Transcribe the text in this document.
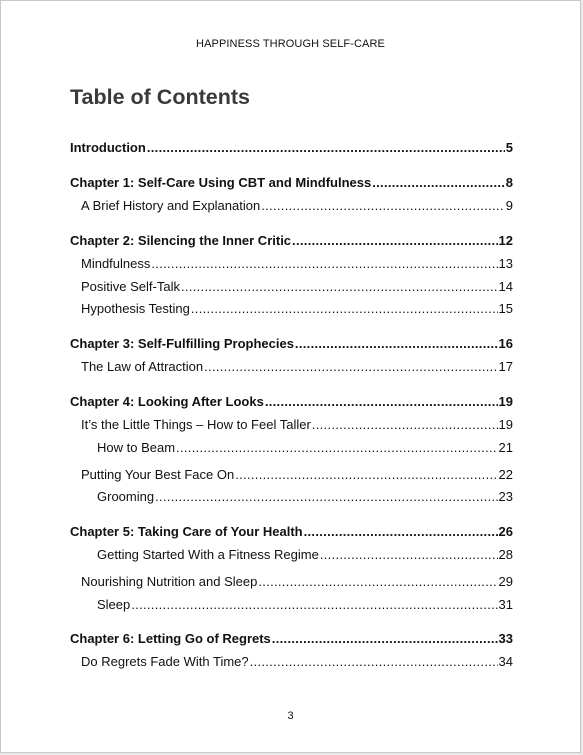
HAPPINESS THROUGH SELF-CARE
Table of Contents
Introduction .....	5
Chapter 1: Self-Care Using CBT and Mindfulness .....	8
A Brief History and Explanation .....	9
Chapter 2: Silencing the Inner Critic .....	12
Mindfulness .....	13
Positive Self-Talk .....	14
Hypothesis Testing .....	15
Chapter 3: Self-Fulfilling Prophecies .....	16
The Law of Attraction .....	17
Chapter 4: Looking After Looks .....	19
It’s the Little Things – How to Feel Taller .....	19
How to Beam .....	21
Putting Your Best Face On .....	22
Grooming .....	23
Chapter 5: Taking Care of Your Health .....	26
Getting Started With a Fitness Regime .....	28
Nourishing Nutrition and Sleep .....	29
Sleep .....	31
Chapter 6: Letting Go of Regrets .....	33
Do Regrets Fade With Time? .....	34
3
